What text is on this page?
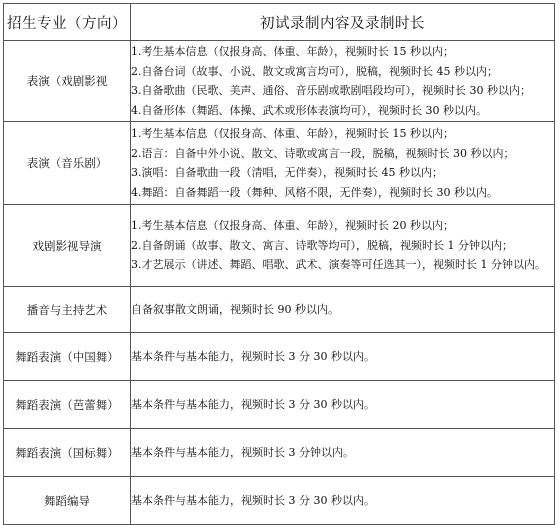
招生专业（方向）	初试录制内容及录制时长
表演（戏剧影视	1.考生基本信息（仅报身高、体重、年龄），视频时长 15 秒以内；
2.自备台词（故事、小说、散文或寓言均可），脱稿，视频时长 45 秒以内；
3.自备歌曲（民歌、美声、通俗、音乐剧或歌剧唱段均可），视频时长 30 秒以内；
4.自备形体（舞蹈、体操、武术或形体表演均可），视频时长 30 秒以内。

表演（音乐剧）	1.考生基本信息（仅报身高、体重、年龄），视频时长 15 秒以内；
2.语言：自备中外小说、散文、诗歌或寓言一段，脱稿，视频时长 30 秒以内；
3.演唱：自备歌曲一段（清唱，无伴奏），视频时长 45 秒以内；
4.舞蹈：自备舞蹈一段（舞种、风格不限，无伴奏），视频时长 30 秒以内。

戏剧影视导演	1.考生基本信息（仅报身高、体重、年龄），视频时长 20 秒以内；
2.自备朗诵（故事、散文、寓言、诗歌等均可），脱稿，视频时长 1 分钟以内；
3.才艺展示（讲述、舞蹈、唱歌、武术、演奏等可任选其一），视频时长 1 分钟以内。

播音与主持艺术	自备叙事散文朗诵，视频时长 90 秒以内。

舞蹈表演（中国舞）	基本条件与基本能力，视频时长 3 分 30 秒以内。

舞蹈表演（芭蕾舞）	基本条件与基本能力，视频时长 3 分 30 秒以内。

舞蹈表演（国标舞）	基本条件与基本能力，视频时长 3 分钟以内。

舞蹈编导	基本条件与基本能力，视频时长 3 分 30 秒以内。
